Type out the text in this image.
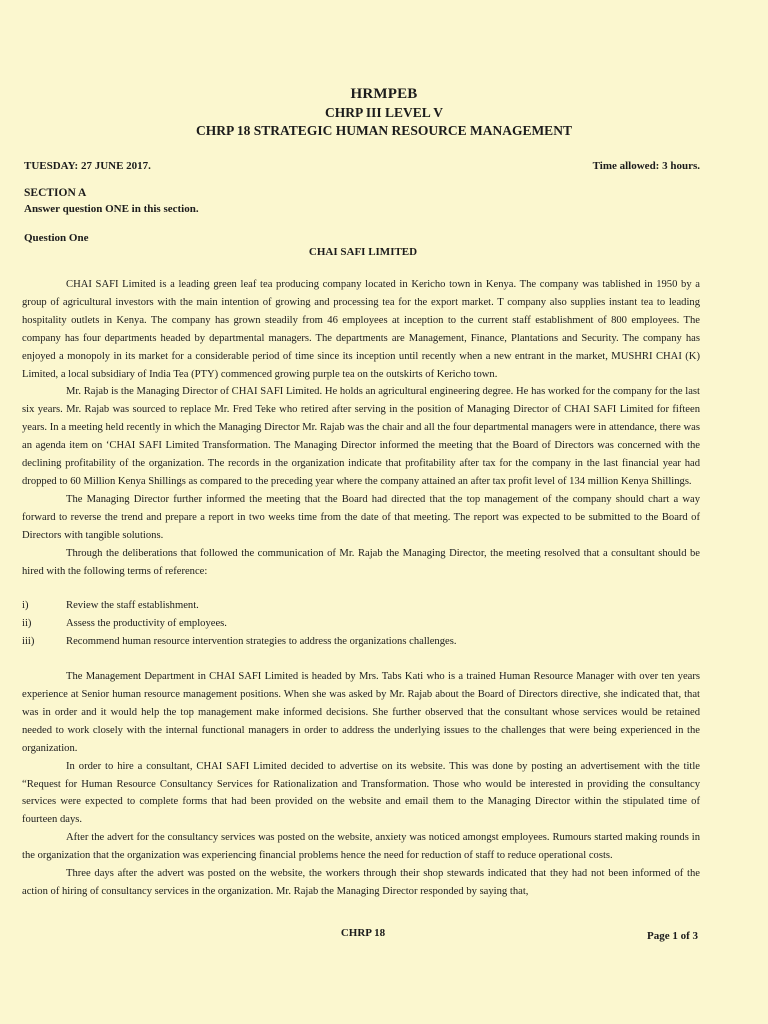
HRMPEB
CHRP III LEVEL V
CHRP 18 STRATEGIC HUMAN RESOURCE MANAGEMENT
TUESDAY: 27 JUNE 2017.	Time allowed: 3 hours.
SECTION A
Answer question ONE in this section.
Question One
CHAI SAFI LIMITED

CHAI SAFI Limited is a leading green leaf tea producing company located in Kericho town in Kenya. The company was tablished in 1950 by a group of agricultural investors with the main intention of growing and processing tea for the export market. T company also supplies instant tea to leading hospitality outlets in Kenya. The company has grown steadily from 46 employees at inception to the current staff establishment of 800 employees. The company has four departments headed by departmental managers. The departments are Management, Finance, Plantations and Security. The company has enjoyed a monopoly in its market for a considerable period of time since its inception until recently when a new entrant in the market, MUSHRI CHAI (K) Limited, a local subsidiary of India Tea (PTY) commenced growing purple tea on the outskirts of Kericho town.

Mr. Rajab is the Managing Director of CHAI SAFI Limited. He holds an agricultural engineering degree. He has worked for the company for the last six years. Mr. Rajab was sourced to replace Mr. Fred Teke who retired after serving in the position of Managing Director of CHAI SAFI Limited for fifteen years. In a meeting held recently in which the Managing Director Mr. Rajab was the chair and all the four departmental managers were in attendance, there was an agenda item on ‘CHAI SAFI Limited Transformation. The Managing Director informed the meeting that the Board of Directors was concerned with the declining profitability of the organization. The records in the organization indicate that profitability after tax for the company in the last financial year had dropped to 60 Million Kenya Shillings as compared to the preceding year where the company attained an after tax profit level of 134 million Kenya Shillings.

The Managing Director further informed the meeting that the Board had directed that the top management of the company should chart a way forward to reverse the trend and prepare a report in two weeks time from the date of that meeting. The report was expected to be submitted to the Board of Directors with tangible solutions.

Through the deliberations that followed the communication of Mr. Rajab the Managing Director, the meeting resolved that a consultant should be hired with the following terms of reference:

i)	Review the staff establishment.
ii)	Assess the productivity of employees.
iii)	Recommend human resource intervention strategies to address the organizations challenges.

The Management Department in CHAI SAFI Limited is headed by Mrs. Tabs Kati who is a trained Human Resource Manager with over ten years experience at Senior human resource management positions. When she was asked by Mr. Rajab about the Board of Directors directive, she indicated that, that was in order and it would help the top management make informed decisions. She further observed that the consultant whose services would be retained needed to work closely with the internal functional managers in order to address the underlying issues to the challenges that were being experienced in the organization.

In order to hire a consultant, CHAI SAFI Limited decided to advertise on its website. This was done by posting an advertisement with the title “Request for Human Resource Consultancy Services for Rationalization and Transformation. Those who would be interested in providing the consultancy services were expected to complete forms that had been provided on the website and email them to the Managing Director within the stipulated time of fourteen days.

After the advert for the consultancy services was posted on the website, anxiety was noticed amongst employees. Rumours started making rounds in the organization that the organization was experiencing financial problems hence the need for reduction of staff to reduce operational costs.

Three days after the advert was posted on the website, the workers through their shop stewards indicated that they had not been informed of the action of hiring of consultancy services in the organization. Mr. Rajab the Managing Director responded by saying that,

CHRP 18	Page 1 of 3
